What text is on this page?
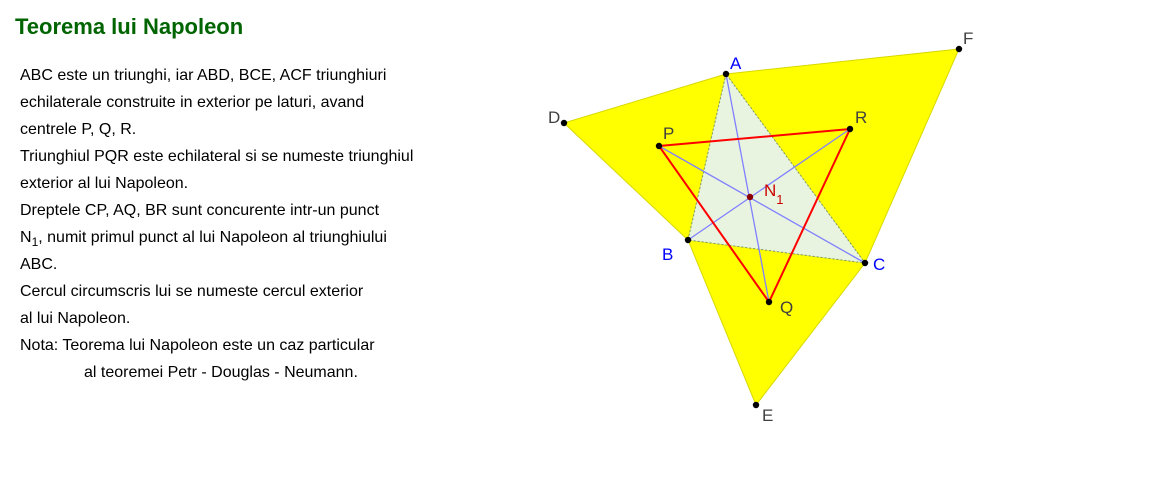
Teorema lui Napoleon
ABC este un triunghi, iar ABD, BCE, ACF triunghiuri
echilaterale construite in exterior pe laturi, avand
centrele P, Q, R.
Triunghiul PQR este echilateral si se numeste triunghiul
exterior al lui Napoleon.
Dreptele CP, AQ, BR sunt concurente intr-un punct
$N_1$, numit primul punct al lui Napoleon al triunghiului
ABC.
Cercul circumscris lui se numeste cercul exterior
al lui Napoleon.
Nota: Teorema lui Napoleon este un caz particular
al teoremei Petr - Douglas - Neumann.
A
B
C
D
E
F
P
Q
R
$N_1$
